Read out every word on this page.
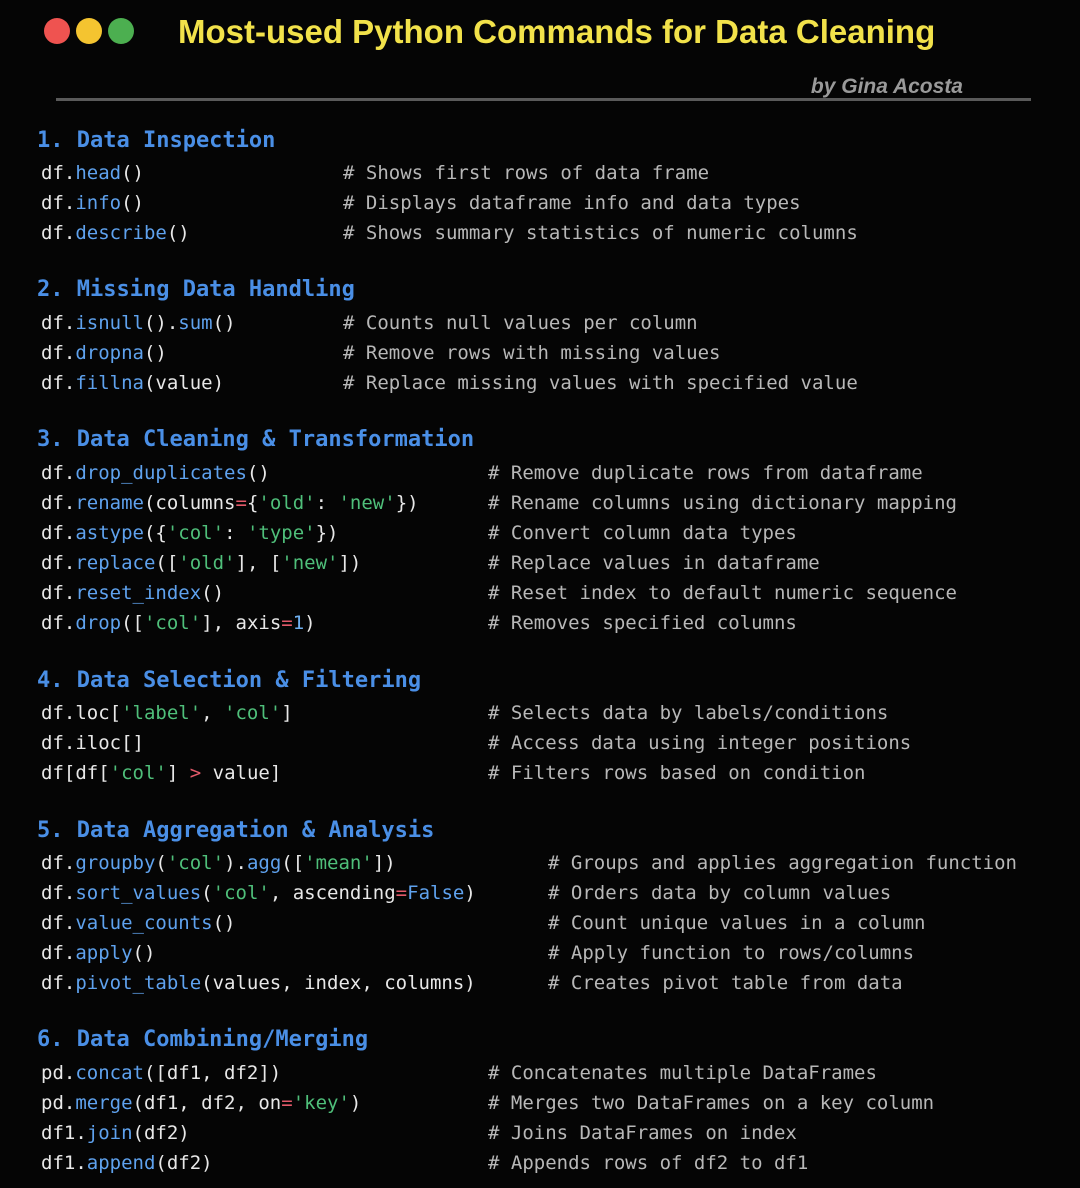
Most-used Python Commands for Data Cleaning
by Gina Acosta
1. Data Inspection
df.head()	# Shows first rows of data frame
df.info()	# Displays dataframe info and data types
df.describe()	# Shows summary statistics of numeric columns
2. Missing Data Handling
df.isnull().sum()	# Counts null values per column
df.dropna()	# Remove rows with missing values
df.fillna(value)	# Replace missing values with specified value
3. Data Cleaning & Transformation
df.drop_duplicates()	# Remove duplicate rows from dataframe
df.rename(columns={'old': 'new'})	# Rename columns using dictionary mapping
df.astype({'col': 'type'})	# Convert column data types
df.replace(['old'], ['new'])	# Replace values in dataframe
df.reset_index()	# Reset index to default numeric sequence
df.drop(['col'], axis=1)	# Removes specified columns
4. Data Selection & Filtering
df.loc['label', 'col']	# Selects data by labels/conditions
df.iloc[]	# Access data using integer positions
df[df['col'] > value]	# Filters rows based on condition
5. Data Aggregation & Analysis
df.groupby('col').agg(['mean'])	# Groups and applies aggregation function
df.sort_values('col', ascending=False)	# Orders data by column values
df.value_counts()	# Count unique values in a column
df.apply()	# Apply function to rows/columns
df.pivot_table(values, index, columns)	# Creates pivot table from data
6. Data Combining/Merging
pd.concat([df1, df2])	# Concatenates multiple DataFrames
pd.merge(df1, df2, on='key')	# Merges two DataFrames on a key column
df1.join(df2)	# Joins DataFrames on index
df1.append(df2)	# Appends rows of df2 to df1
